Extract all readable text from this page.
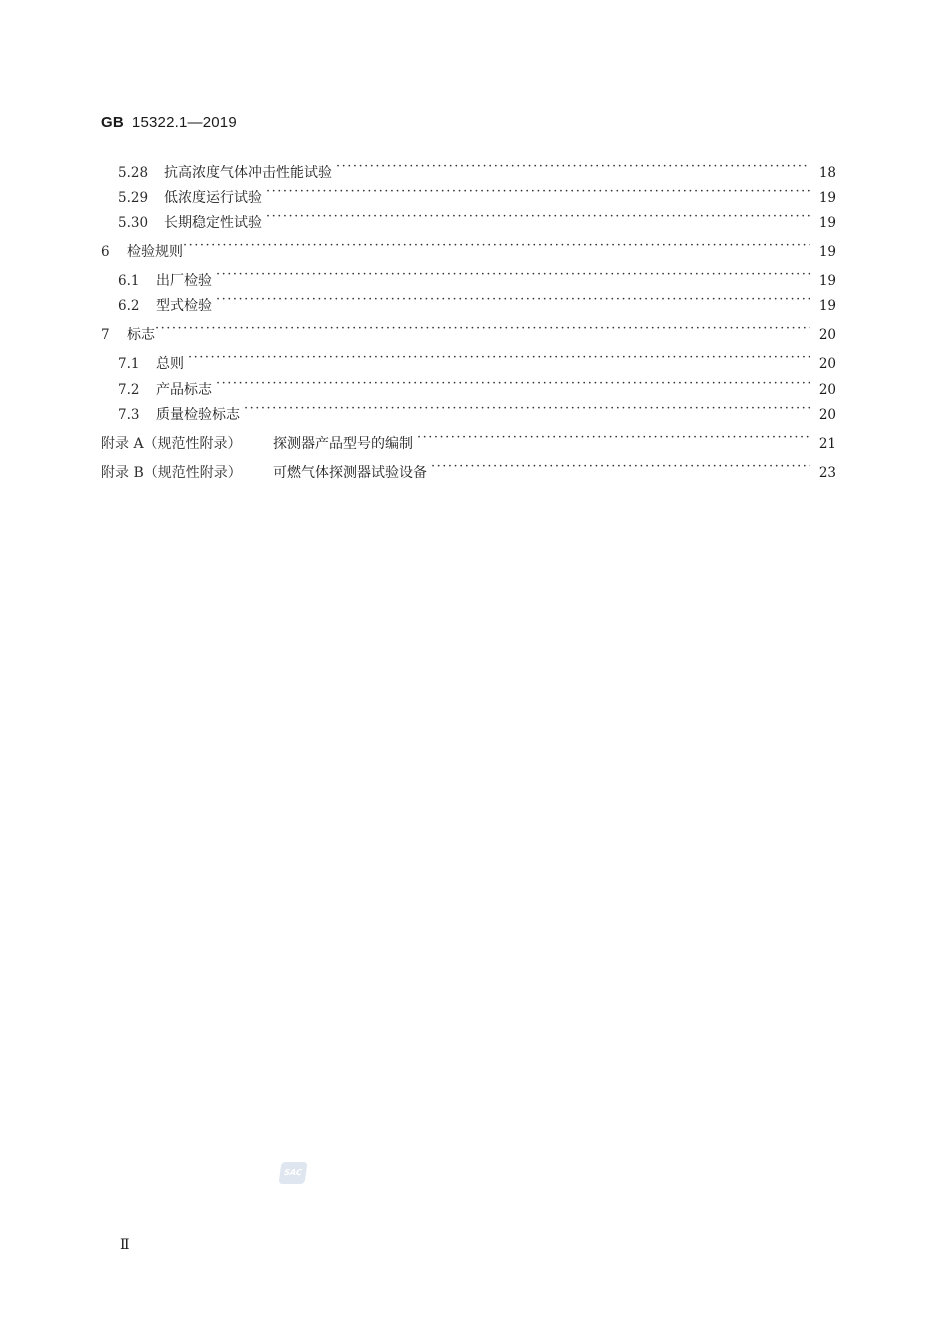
GB 15322.1—2019
5.28	抗高浓度气体冲击性能试验 ·····	18
5.29	低浓度运行试验 ·····	19
5.30	长期稳定性试验 ·····	19
6	检验规则 ·····	19
6.1	出厂检验 ·····	19
6.2	型式检验 ·····	19
7	标志 ·····	20
7.1	总则 ·····	20
7.2	产品标志 ·····	20
7.3	质量检验标志 ·····	20
附录 A（规范性附录）	探测器产品型号的编制 ·····	21
附录 B（规范性附录）	可燃气体探测器试验设备 ·····	23
SAC
Ⅱ
